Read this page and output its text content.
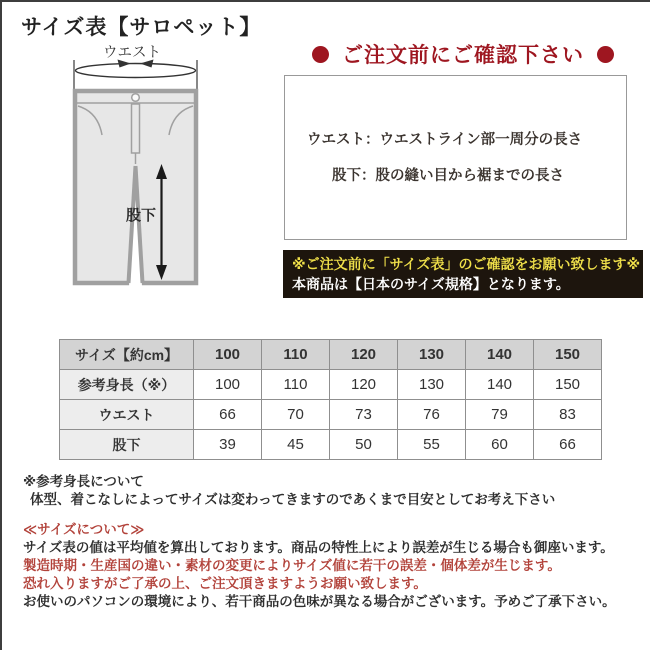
サイズ表【サロペット】
ウエスト
股下
ご注文前にご確認下さい
ウエスト：ウエストライン部一周分の長さ
股下：股の縫い目から裾までの長さ
※ご注文前に「サイズ表」のご確認をお願い致します※
本商品は【日本のサイズ規格】となります。
サイズ【約cm】	100	110	120	130	140	150
参考身長（※）	100	110	120	130	140	150
ウエスト	66	70	73	76	79	83
股下	39	45	50	55	60	66
※参考身長について
体型、着こなしによってサイズは変わってきますのであくまで目安としてお考え下さい
≪サイズについて≫
サイズ表の値は平均値を算出しております。商品の特性上により誤差が生じる場合も御座います。
製造時期・生産国の違い・素材の変更によりサイズ値に若干の誤差・個体差が生じます。
恐れ入りますがご了承の上、ご注文頂きますようお願い致します。
お使いのパソコンの環境により、若干商品の色味が異なる場合がございます。予めご了承下さい。
